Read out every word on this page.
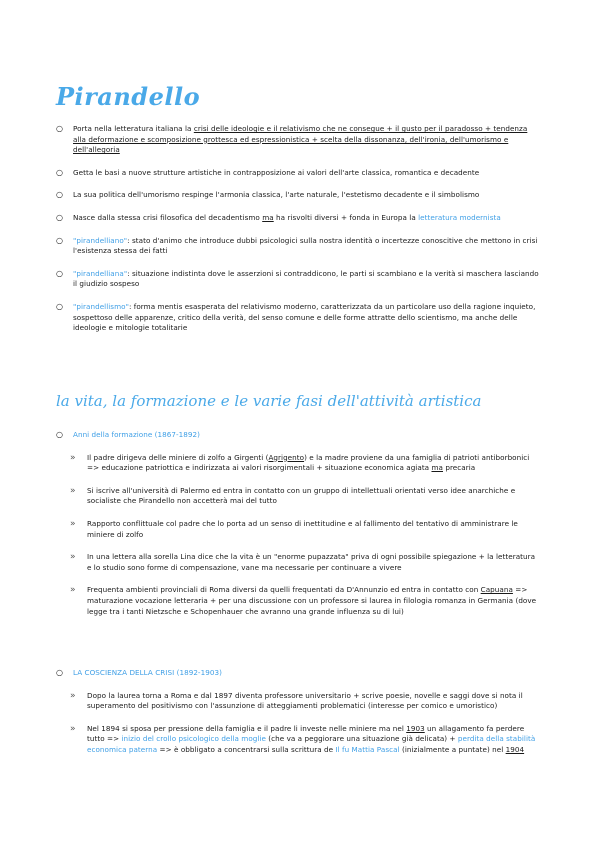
Pirandello
○ Porta nella letteratura italiana la crisi delle ideologie e il relativismo che ne consegue + il gusto per il paradosso + tendenza alla deformazione e scomposizione grottesca ed espressionistica + scelta della dissonanza, dell'ironia, dell'umorismo e dell'allegoria
○ Getta le basi a nuove strutture artistiche in contrapposizione ai valori dell'arte classica, romantica e decadente
○ La sua politica dell'umorismo respinge l'armonia classica, l'arte naturale, l'estetismo decadente e il simbolismo
○ Nasce dalla stessa crisi filosofica del decadentismo ma ha risvolti diversi + fonda in Europa la letteratura modernista
○ "pirandelliano": stato d'animo che introduce dubbi psicologici sulla nostra identità o incertezze conoscitive che mettono in crisi l'esistenza stessa dei fatti
○ "pirandelliana": situazione indistinta dove le asserzioni si contraddicono, le parti si scambiano e la verità si maschera lasciando il giudizio sospeso
○ "pirandellismo": forma mentis esasperata del relativismo moderno, caratterizzata da un particolare uso della ragione inquieto, sospettoso delle apparenze, critico della verità, del senso comune e delle forme attratte dello scientismo, ma anche delle ideologie e mitologie totalitarie
la vita, la formazione e le varie fasi dell'attività artistica
○ Anni della formazione (1867-1892)
» Il padre dirigeva delle miniere di zolfo a Girgenti (Agrigento) e la madre proviene da una famiglia di patrioti antiborbonici => educazione patriottica e indirizzata ai valori risorgimentali + situazione economica agiata ma precaria
» Si iscrive all'università di Palermo ed entra in contatto con un gruppo di intellettuali orientati verso idee anarchiche e socialiste che Pirandello non accetterà mai del tutto
» Rapporto conflittuale col padre che lo porta ad un senso di inettitudine e al fallimento del tentativo di amministrare le miniere di zolfo
» In una lettera alla sorella Lina dice che la vita è un "enorme pupazzata" priva di ogni possibile spiegazione + la letteratura e lo studio sono forme di compensazione, vane ma necessarie per continuare a vivere
» Frequenta ambienti provinciali di Roma diversi da quelli frequentati da D'Annunzio ed entra in contatto con Capuana => maturazione vocazione letteraria + per una discussione con un professore si laurea in filologia romanza in Germania (dove legge tra i tanti Nietzsche e Schopenhauer che avranno una grande influenza su di lui)
○ LA COSCIENZA DELLA CRISI (1892-1903)
» Dopo la laurea torna a Roma e dal 1897 diventa professore universitario + scrive poesie, novelle e saggi dove si nota il superamento del positivismo con l'assunzione di atteggiamenti problematici (interesse per comico e umoristico)
» Nel 1894 si sposa per pressione della famiglia e il padre li investe nelle miniere ma nel 1903 un allagamento fa perdere tutto => inizio del crollo psicologico della moglie (che va a peggiorare una situazione già delicata) + perdita della stabilità economica paterna => è obbligato a concentrarsi sulla scrittura de Il fu Mattia Pascal (inizialmente a puntate) nel 1904
